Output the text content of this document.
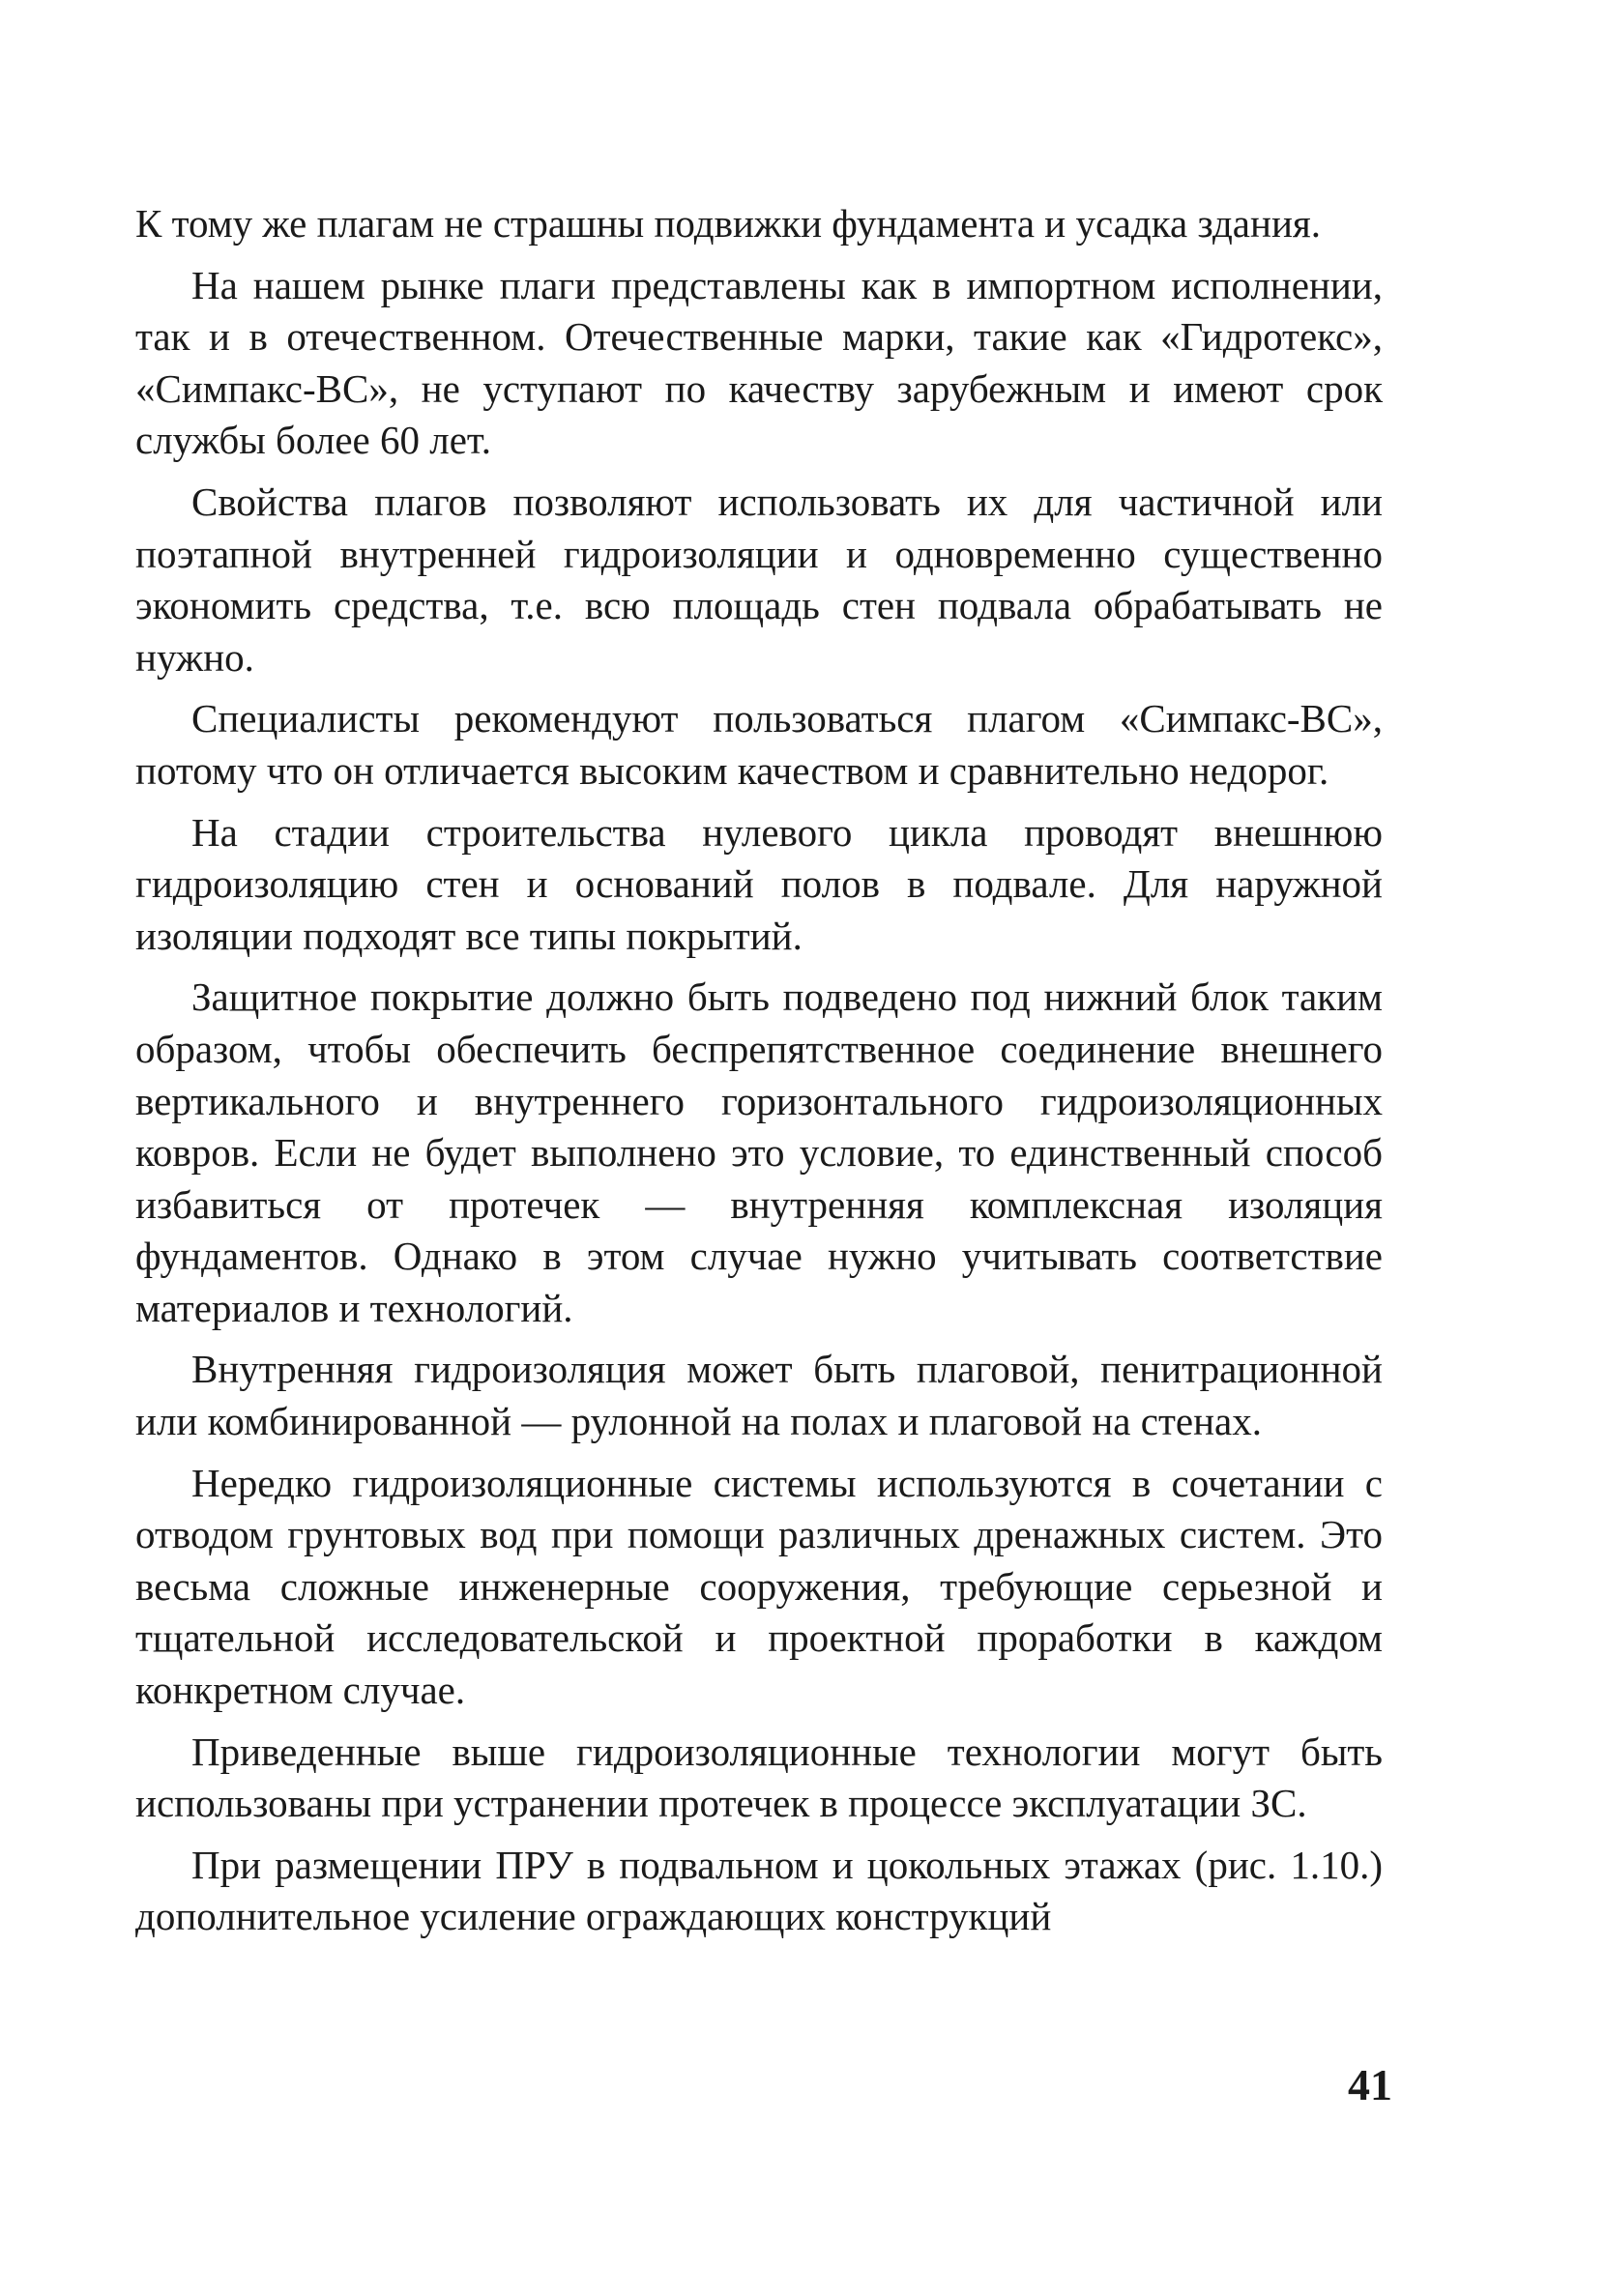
К тому же плагам не страшны подвижки фундамента и усадка здания.

На нашем рынке плаги представлены как в импортном исполнении, так и в отечественном. Отечественные марки, такие как «Гидротекс», «Симпакс-ВС», не уступают по качеству зарубежным и имеют срок службы более 60 лет.

Свойства плагов позволяют использовать их для частичной или поэтапной внутренней гидроизоляции и одновременно существенно экономить средства, т.е. всю площадь стен подвала обрабатывать не нужно.

Специалисты рекомендуют пользоваться плагом «Симпакс-ВС», потому что он отличается высоким качеством и сравнительно недорог.

На стадии строительства нулевого цикла проводят внешнюю гидроизоляцию стен и оснований полов в подвале. Для наружной изоляции подходят все типы покрытий.

Защитное покрытие должно быть подведено под нижний блок таким образом, чтобы обеспечить беспрепятственное соединение внешнего вертикального и внутреннего горизонтального гидроизоляционных ковров. Если не будет выполнено это условие, то единственный способ избавиться от протечек — внутренняя комплексная изоляция фундаментов. Однако в этом случае нужно учитывать соответствие материалов и технологий.

Внутренняя гидроизоляция может быть плаговой, пенитрационной или комбинированной — рулонной на полах и плаговой на стенах.

Нередко гидроизоляционные системы используются в сочетании с отводом грунтовых вод при помощи различных дренажных систем. Это весьма сложные инженерные сооружения, требующие серьезной и тщательной исследовательской и проектной проработки в каждом конкретном случае.

Приведенные выше гидроизоляционные технологии могут быть использованы при устранении протечек в процессе эксплуатации ЗС.

При размещении ПРУ в подвальном и цокольных этажах (рис. 1.10.) дополнительное усиление ограждающих конструкций

41
